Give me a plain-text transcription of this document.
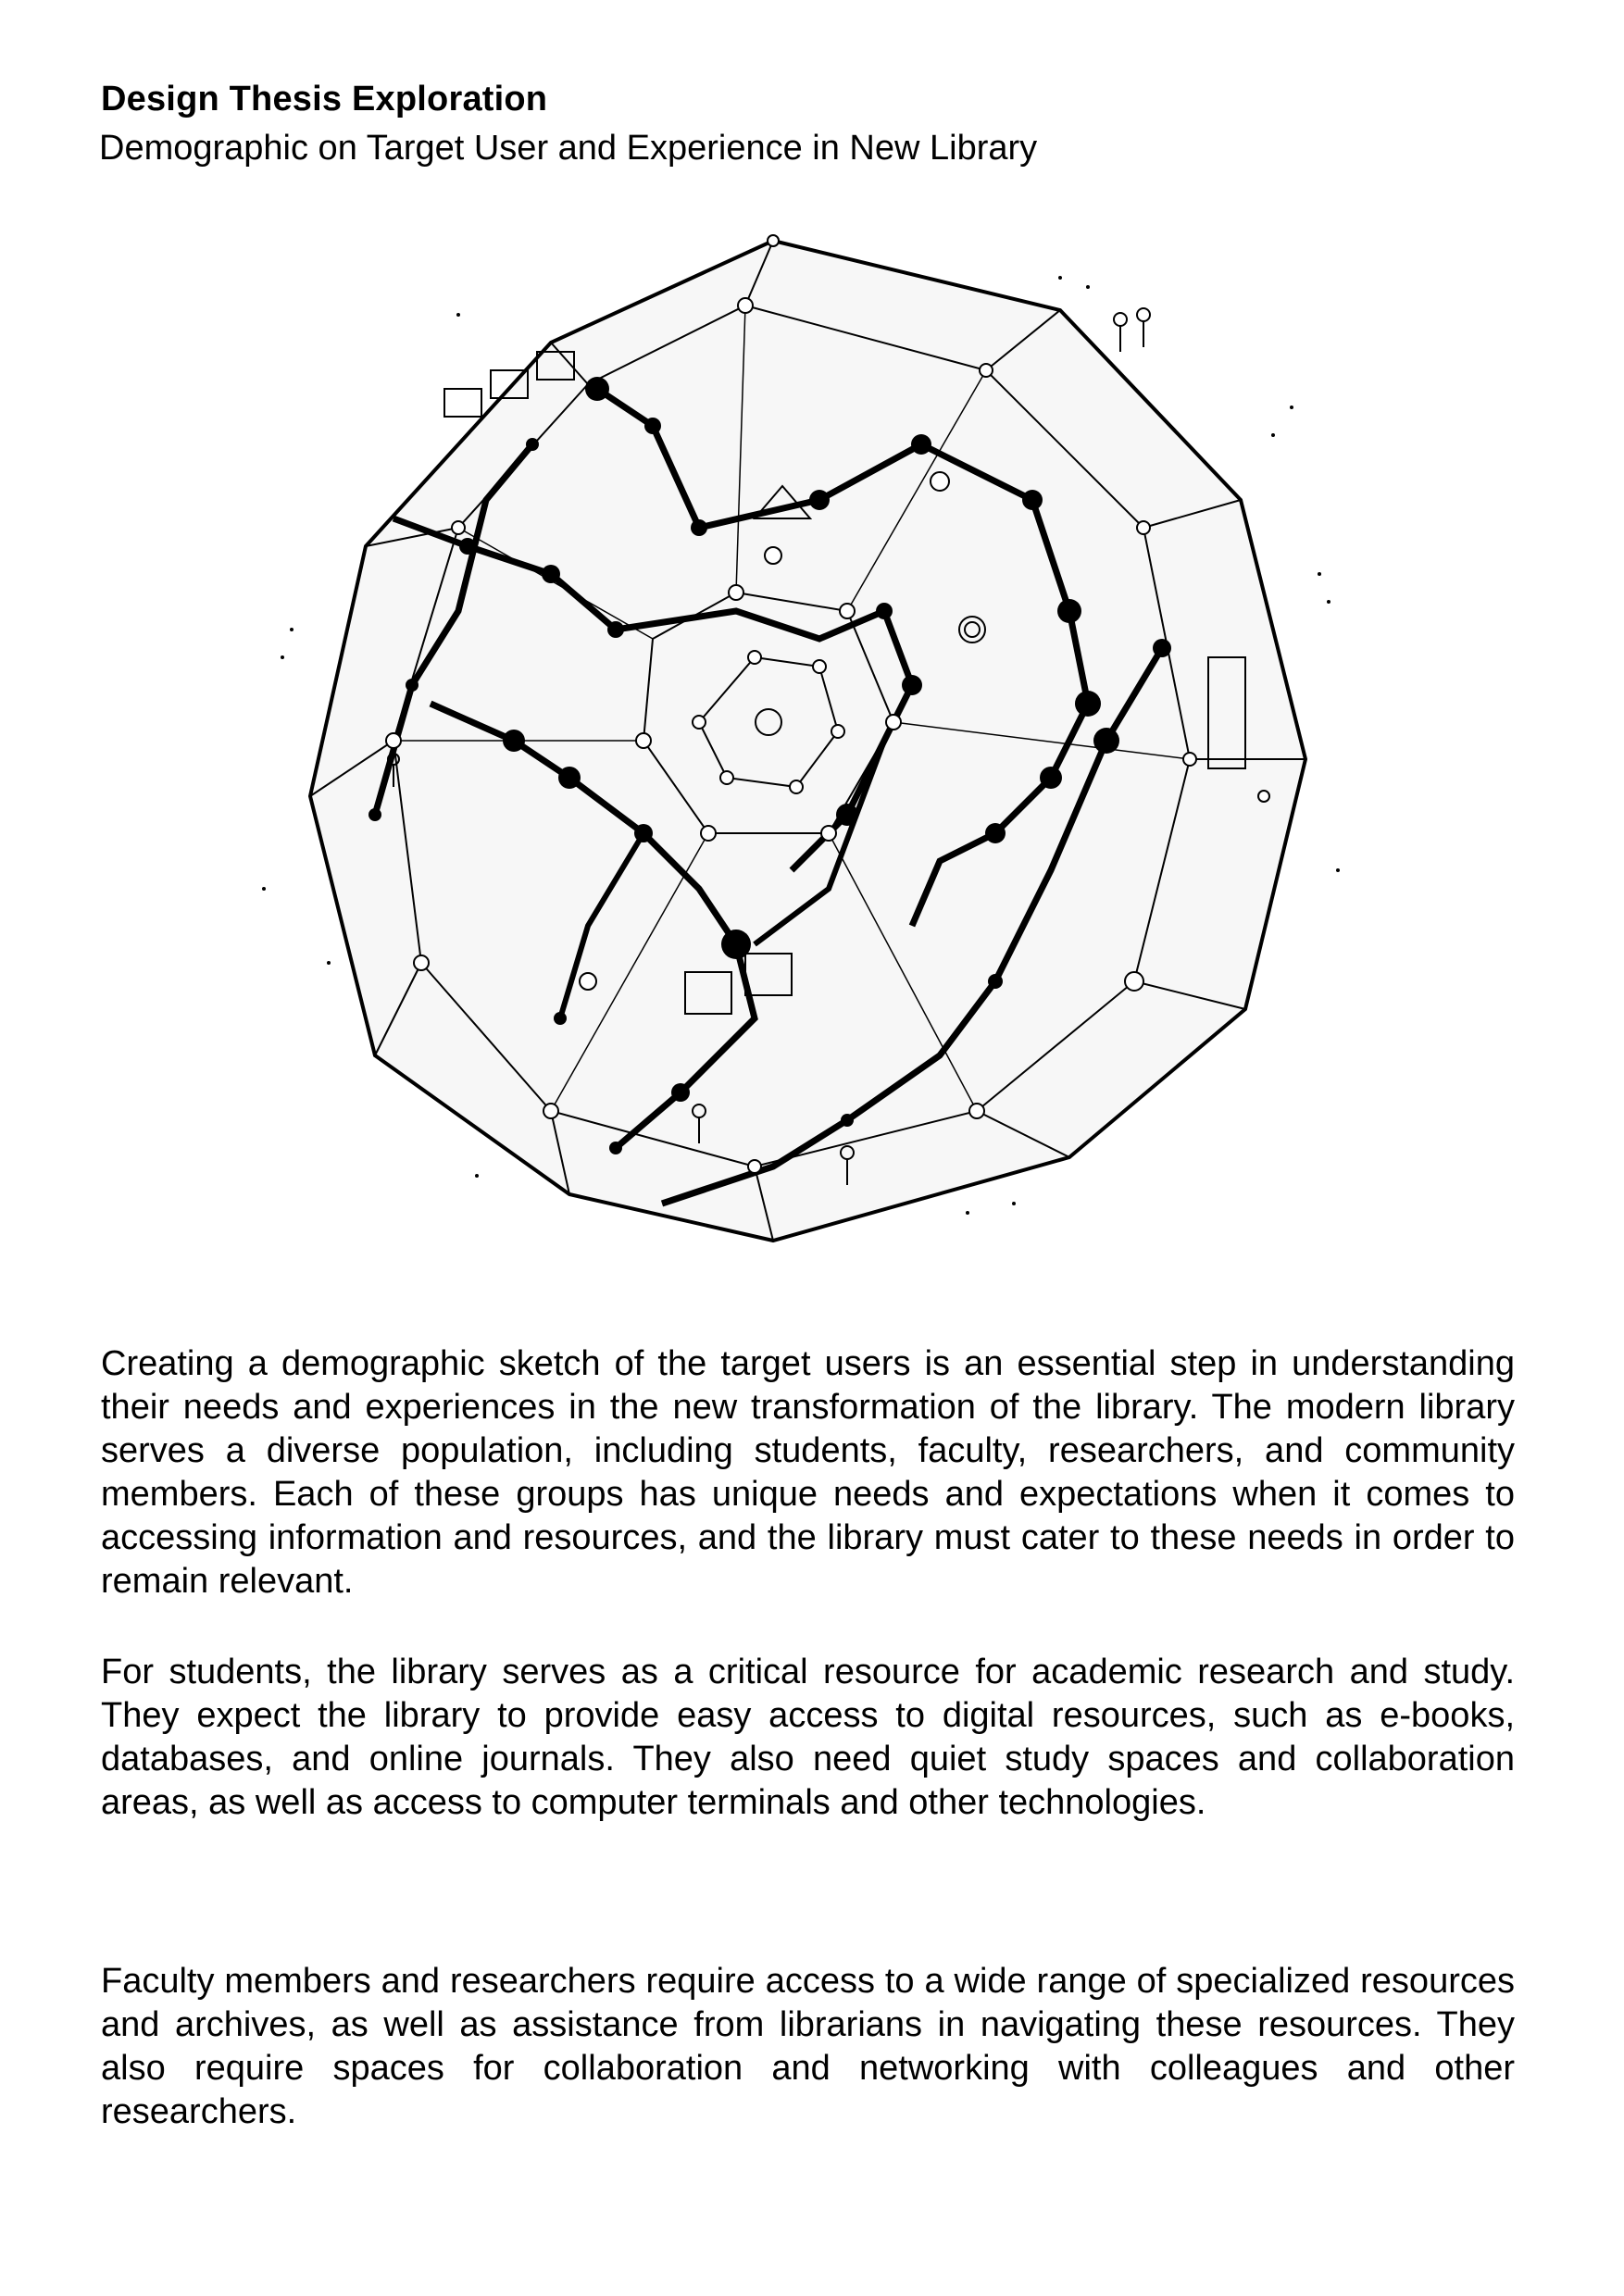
Design Thesis Exploration
Demographic on Target User and Experience in New Library
Creating a demographic sketch of the target users is an essential step in understanding their needs and experiences in the new transformation of the library. The modern library serves a diverse population, including students, faculty, researchers, and community members. Each of these groups has unique needs and expectations when it comes to accessing information and resources, and the library must cater to these needs in order to remain relevant.
For students, the library serves as a critical resource for academic research and study. They expect the library to provide easy access to digital resources, such as e-books, databases, and online journals. They also need quiet study spaces and collaboration areas, as well as access to computer terminals and other technologies.
Faculty members and researchers require access to a wide range of specialized resources and archives, as well as assistance from librarians in navigating these resources. They also require spaces for collaboration and networking with colleagues and other researchers.
